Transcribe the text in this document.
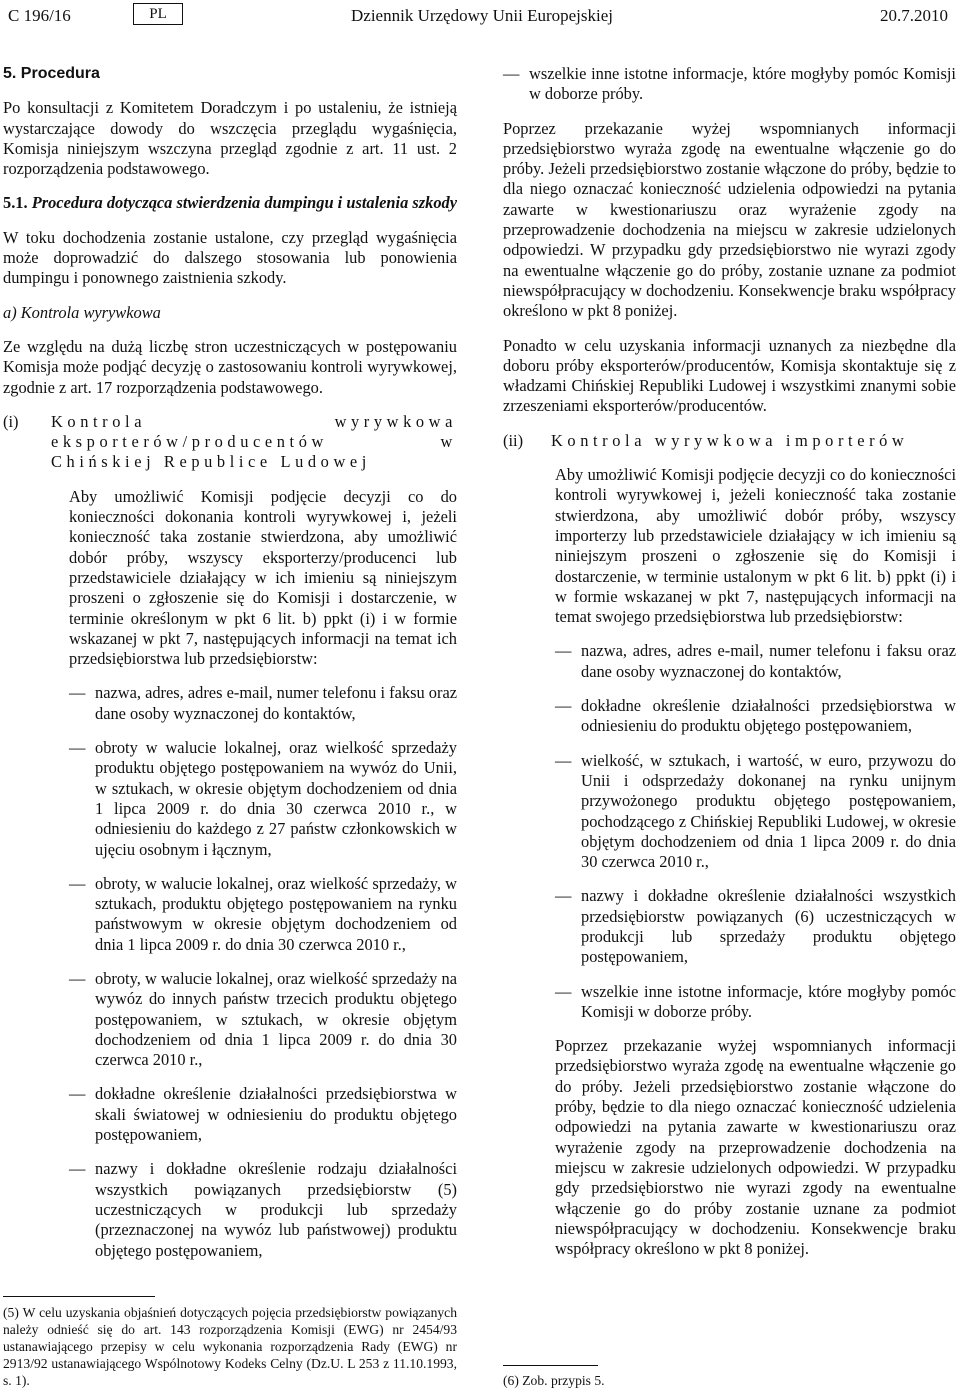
C 196/16	PL	Dziennik Urzędowy Unii Europejskiej	20.7.2010
5. Procedura

Po konsultacji z Komitetem Doradczym i po ustaleniu, że istnieją wystarczające dowody do wszczęcia przeglądu wygaśnięcia, Komisja niniejszym wszczyna przegląd zgodnie z art. 11 ust. 2 rozporządzenia podstawowego.

5.1. Procedura dotycząca stwierdzenia dumpingu i ustalenia szkody

W toku dochodzenia zostanie ustalone, czy przegląd wygaśnięcia może doprowadzić do dalszego stosowania lub ponowienia dumpingu i ponownego zaistnienia szkody.

a) Kontrola wyrywkowa

Ze względu na dużą liczbę stron uczestniczących w postępowaniu Komisja może podjąć decyzję o zastosowaniu kontroli wyrywkowej, zgodnie z art. 17 rozporządzenia podstawowego.

(i)	Kontrola wyrywkowa eksporterów/producentów w Chińskiej Republice Ludowej

Aby umożliwić Komisji podjęcie decyzji co do konieczności dokonania kontroli wyrywkowej i, jeżeli konieczność taka zostanie stwierdzona, aby umożliwić dobór próby, wszyscy eksporterzy/producenci lub przedstawiciele działający w ich imieniu są niniejszym proszeni o zgłoszenie się do Komisji i dostarczenie, w terminie określonym w pkt 6 lit. b) ppkt (i) i w formie wskazanej w pkt 7, następujących informacji na temat ich przedsiębiorstwa lub przedsiębiorstw:

— nazwa, adres, adres e-mail, numer telefonu i faksu oraz dane osoby wyznaczonej do kontaktów,
— obroty w walucie lokalnej, oraz wielkość sprzedaży produktu objętego postępowaniem na wywóz do Unii, w sztukach, w okresie objętym dochodzeniem od dnia 1 lipca 2009 r. do dnia 30 czerwca 2010 r., w odniesieniu do każdego z 27 państw członkowskich w ujęciu osobnym i łącznym,
— obroty, w walucie lokalnej, oraz wielkość sprzedaży, w sztukach, produktu objętego postępowaniem na rynku państwowym w okresie objętym dochodzeniem od dnia 1 lipca 2009 r. do dnia 30 czerwca 2010 r.,
— obroty, w walucie lokalnej, oraz wielkość sprzedaży na wywóz do innych państw trzecich produktu objętego postępowaniem, w sztukach, w okresie objętym dochodzeniem od dnia 1 lipca 2009 r. do dnia 30 czerwca 2010 r.,
— dokładne określenie działalności przedsiębiorstwa w skali światowej w odniesieniu do produktu objętego postępowaniem,
— nazwy i dokładne określenie rodzaju działalności wszystkich powiązanych przedsiębiorstw (5) uczestniczących w produkcji lub sprzedaży (przeznaczonej na wywóz lub państwowej) produktu objętego postępowaniem,
(5) W celu uzyskania objaśnień dotyczących pojęcia przedsiębiorstw powiązanych należy odnieść się do art. 143 rozporządzenia Komisji (EWG) nr 2454/93 ustanawiającego przepisy w celu wykonania rozporządzenia Rady (EWG) nr 2913/92 ustanawiającego Wspólnotowy Kodeks Celny (Dz.U. L 253 z 11.10.1993, s. 1).
— wszelkie inne istotne informacje, które mogłyby pomóc Komisji w doborze próby.

Poprzez przekazanie wyżej wspomnianych informacji przedsiębiorstwo wyraża zgodę na ewentualne włączenie go do próby. Jeżeli przedsiębiorstwo zostanie włączone do próby, będzie to dla niego oznaczać konieczność udzielenia odpowiedzi na pytania zawarte w kwestionariuszu oraz wyrażenie zgody na przeprowadzenie dochodzenia na miejscu w zakresie udzielonych odpowiedzi. W przypadku gdy przedsiębiorstwo nie wyrazi zgody na ewentualne włączenie go do próby, zostanie uznane za podmiot niewspółpracujący w dochodzeniu. Konsekwencje braku współpracy określono w pkt 8 poniżej.

Ponadto w celu uzyskania informacji uznanych za niezbędne dla doboru próby eksporterów/producentów, Komisja skontaktuje się z władzami Chińskiej Republiki Ludowej i wszystkimi znanymi sobie zrzeszeniami eksporterów/producentów.

(ii)	Kontrola wyrywkowa importerów

Aby umożliwić Komisji podjęcie decyzji co do konieczności kontroli wyrywkowej i, jeżeli konieczność taka zostanie stwierdzona, aby umożliwić dobór próby, wszyscy importerzy lub przedstawiciele działający w ich imieniu są niniejszym proszeni o zgłoszenie się do Komisji i dostarczenie, w terminie ustalonym w pkt 6 lit. b) ppkt (i) i w formie wskazanej w pkt 7, następujących informacji na temat swojego przedsiębiorstwa lub przedsiębiorstw:

— nazwa, adres, adres e-mail, numer telefonu i faksu oraz dane osoby wyznaczonej do kontaktów,
— dokładne określenie działalności przedsiębiorstwa w odniesieniu do produktu objętego postępowaniem,
— wielkość, w sztukach, i wartość, w euro, przywozu do Unii i odsprzedaży dokonanej na rynku unijnym przywożonego produktu objętego postępowaniem, pochodzącego z Chińskiej Republiki Ludowej, w okresie objętym dochodzeniem od dnia 1 lipca 2009 r. do dnia 30 czerwca 2010 r.,
— nazwy i dokładne określenie działalności wszystkich przedsiębiorstw powiązanych (6) uczestniczących w produkcji lub sprzedaży produktu objętego postępowaniem,
— wszelkie inne istotne informacje, które mogłyby pomóc Komisji w doborze próby.

Poprzez przekazanie wyżej wspomnianych informacji przedsiębiorstwo wyraża zgodę na ewentualne włączenie go do próby. Jeżeli przedsiębiorstwo zostanie włączone do próby, będzie to dla niego oznaczać konieczność udzielenia odpowiedzi na pytania zawarte w kwestionariuszu oraz wyrażenie zgody na przeprowadzenie dochodzenia na miejscu w zakresie udzielonych odpowiedzi. W przypadku gdy przedsiębiorstwo nie wyrazi zgody na ewentualne włączenie go do próby zostanie uznane za podmiot niewspółpracujący w dochodzeniu. Konsekwencje braku współpracy określono w pkt 8 poniżej.

(6) Zob. przypis 5.
